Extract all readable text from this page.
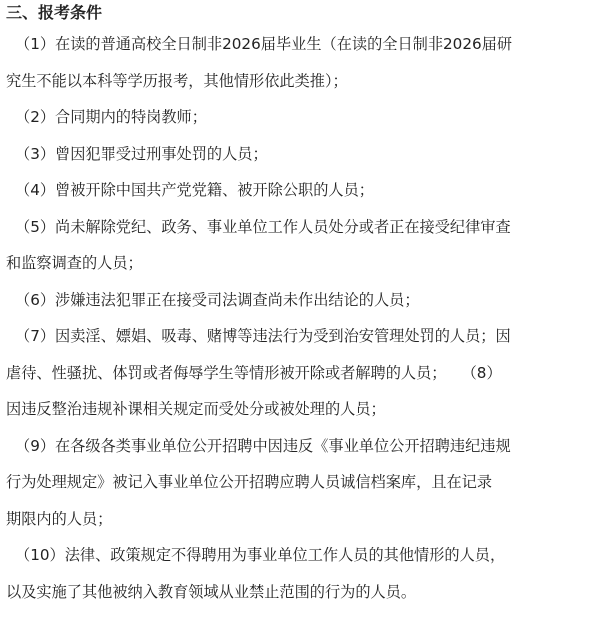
三、报考条件

（1）在读的普通高校全日制非2026届毕业生（在读的全日制非2026届研
究生不能以本科等学历报考，其他情形依此类推）；

（2）合同期内的特岗教师；

（3）曾因犯罪受过刑事处罚的人员；

（4）曾被开除中国共产党党籍、被开除公职的人员；

（5）尚未解除党纪、政务、事业单位工作人员处分或者正在接受纪律审查
和监察调查的人员；

（6）涉嫌违法犯罪正在接受司法调查尚未作出结论的人员；

（7）因卖淫、嫖娼、吸毒、赌博等违法行为受到治安管理处罚的人员；因
虐待、性骚扰、体罚或者侮辱学生等情形被开除或者解聘的人员；　　（8）
因违反整治违规补课相关规定而受处分或被处理的人员；

（9）在各级各类事业单位公开招聘中因违反《事业单位公开招聘违纪违规
行为处理规定》被记入事业单位公开招聘应聘人员诚信档案库，且在记录
期限内的人员；

（10）法律、政策规定不得聘用为事业单位工作人员的其他情形的人员，
以及实施了其他被纳入教育领域从业禁止范围的行为的人员。
